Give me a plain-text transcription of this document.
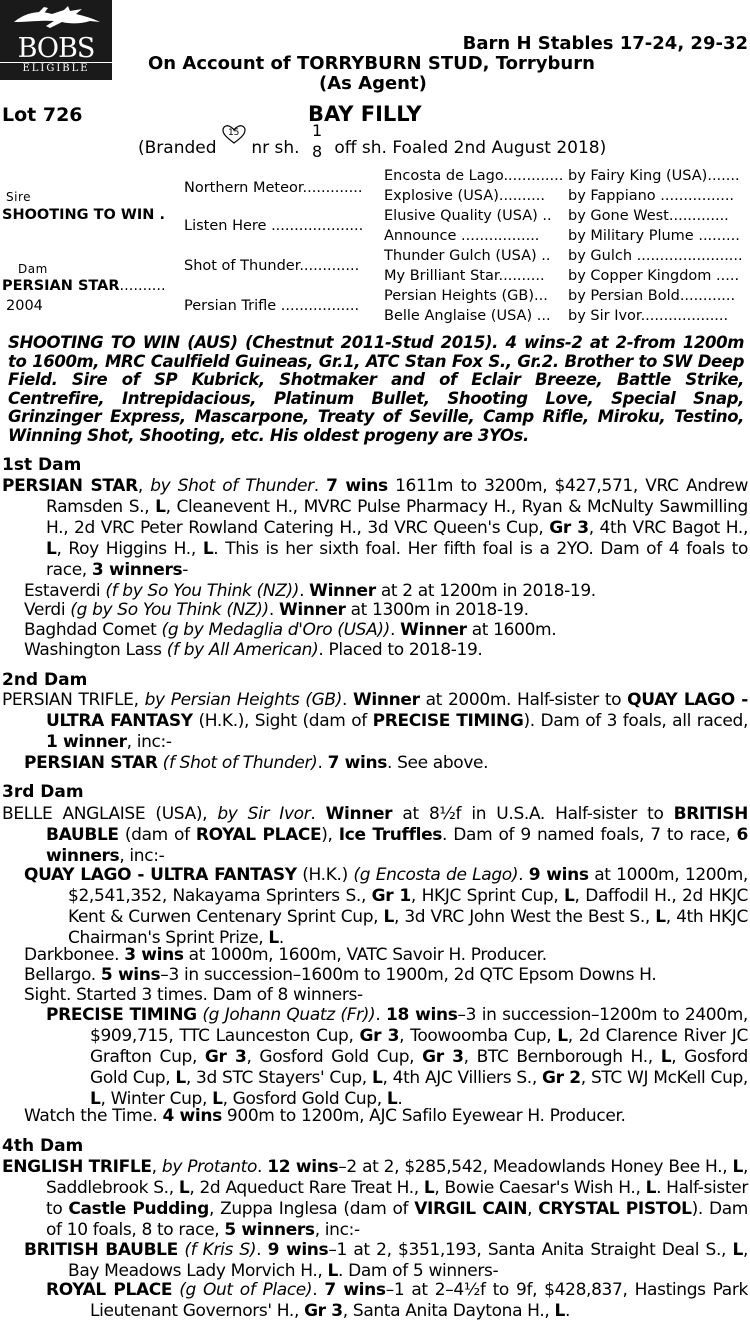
BOBS
ELIGIBLE
Barn H Stables 17-24, 29-32
On Account of TORRYBURN STUD, Torryburn
(As Agent)
Lot 726	BAY FILLY
(Branded
15
nr sh.
1
8 off sh. Foaled 2nd August 2018)
Sire
SHOOTING TO WIN .
Dam
PERSIAN STAR..........
2004
Northern Meteor.............
Listen Here ....................
Shot of Thunder.............
Persian Trifle .................
Encosta de Lago.............
Explosive (USA)..........
Elusive Quality (USA) ..
Announce .................
Thunder Gulch (USA) ..
My Brilliant Star..........
Persian Heights (GB)...
Belle Anglaise (USA) ...
by Fairy King (USA).......
by Fappiano ................
by Gone West.............
by Military Plume .........
by Gulch .......................
by Copper Kingdom .....
by Persian Bold............
by Sir Ivor...................
SHOOTING TO WIN (AUS) (Chestnut 2011-Stud 2015). 4 wins-2 at 2-from 1200m to 1600m, MRC Caulfield Guineas, Gr.1, ATC Stan Fox S., Gr.2. Brother to SW Deep Field. Sire of SP Kubrick, Shotmaker and of Eclair Breeze, Battle Strike, Centrefire, Intrepidacious, Platinum Bullet, Shooting Love, Special Snap, Grinzinger Express, Mascarpone, Treaty of Seville, Camp Rifle, Miroku, Testino, Winning Shot, Shooting, etc. His oldest progeny are 3YOs.
1st Dam
PERSIAN STAR, by Shot of Thunder. 7 wins 1611m to 3200m, $427,571, VRC Andrew Ramsden S., L, Cleanevent H., MVRC Pulse Pharmacy H., Ryan & McNulty Sawmilling H., 2d VRC Peter Rowland Catering H., 3d VRC Queen's Cup, Gr 3, 4th VRC Bagot H., L, Roy Higgins H., L. This is her sixth foal. Her fifth foal is a 2YO. Dam of 4 foals to race, 3 winners-
Estaverdi (f by So You Think (NZ)). Winner at 2 at 1200m in 2018-19.
Verdi (g by So You Think (NZ)). Winner at 1300m in 2018-19.
Baghdad Comet (g by Medaglia d'Oro (USA)). Winner at 1600m.
Washington Lass (f by All American). Placed to 2018-19.
2nd Dam
PERSIAN TRIFLE, by Persian Heights (GB). Winner at 2000m. Half-sister to QUAY LAGO - ULTRA FANTASY (H.K.), Sight (dam of PRECISE TIMING). Dam of 3 foals, all raced, 1 winner, inc:-
PERSIAN STAR (f Shot of Thunder). 7 wins. See above.
3rd Dam
BELLE ANGLAISE (USA), by Sir Ivor. Winner at 8½f in U.S.A. Half-sister to BRITISH BAUBLE (dam of ROYAL PLACE), Ice Truffles. Dam of 9 named foals, 7 to race, 6 winners, inc:-
QUAY LAGO - ULTRA FANTASY (H.K.) (g Encosta de Lago). 9 wins at 1000m, 1200m, $2,541,352, Nakayama Sprinters S., Gr 1, HKJC Sprint Cup, L, Daffodil H., 2d HKJC Kent & Curwen Centenary Sprint Cup, L, 3d VRC John West the Best S., L, 4th HKJC Chairman's Sprint Prize, L.
Darkbonee. 3 wins at 1000m, 1600m, VATC Savoir H. Producer.
Bellargo. 5 wins–3 in succession–1600m to 1900m, 2d QTC Epsom Downs H.
Sight. Started 3 times. Dam of 8 winners-
PRECISE TIMING (g Johann Quatz (Fr)). 18 wins–3 in succession–1200m to 2400m, $909,715, TTC Launceston Cup, Gr 3, Toowoomba Cup, L, 2d Clarence River JC Grafton Cup, Gr 3, Gosford Gold Cup, Gr 3, BTC Bernborough H., L, Gosford Gold Cup, L, 3d STC Stayers' Cup, L, 4th AJC Villiers S., Gr 2, STC WJ McKell Cup, L, Winter Cup, L, Gosford Gold Cup, L.
Watch the Time. 4 wins 900m to 1200m, AJC Safilo Eyewear H. Producer.
4th Dam
ENGLISH TRIFLE, by Protanto. 12 wins–2 at 2, $285,542, Meadowlands Honey Bee H., L, Saddlebrook S., L, 2d Aqueduct Rare Treat H., L, Bowie Caesar's Wish H., L. Half-sister to Castle Pudding, Zuppa Inglesa (dam of VIRGIL CAIN, CRYSTAL PISTOL). Dam of 10 foals, 8 to race, 5 winners, inc:-
BRITISH BAUBLE (f Kris S). 9 wins–1 at 2, $351,193, Santa Anita Straight Deal S., L, Bay Meadows Lady Morvich H., L. Dam of 5 winners-
ROYAL PLACE (g Out of Place). 7 wins–1 at 2–4½f to 9f, $428,837, Hastings Park Lieutenant Governors' H., Gr 3, Santa Anita Daytona H., L.
